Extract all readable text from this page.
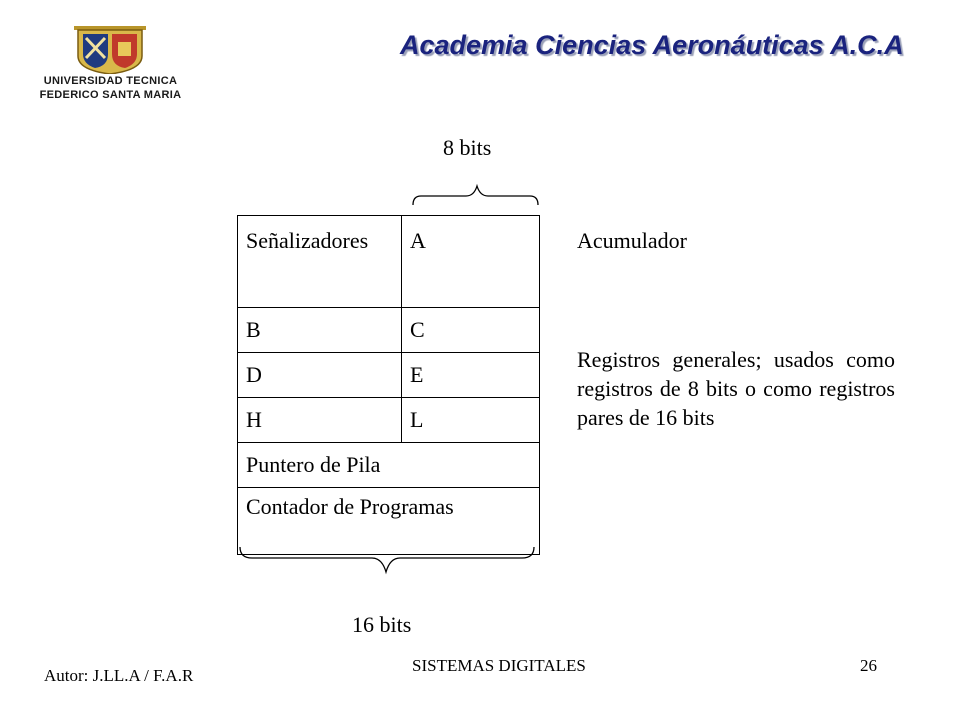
UNIVERSIDAD TECNICA
FEDERICO SANTA MARIA
Academia Ciencias Aeronáuticas A.C.A
8 bits
Señalizadores	A
B	C
D	E
H	L
Puntero de Pila	
Contador de Programas	
Acumulador
Registros generales; usados como registros de 8 bits o como registros pares de 16 bits
16 bits
Autor: J.LL.A / F.A.R
SISTEMAS DIGITALES	26
